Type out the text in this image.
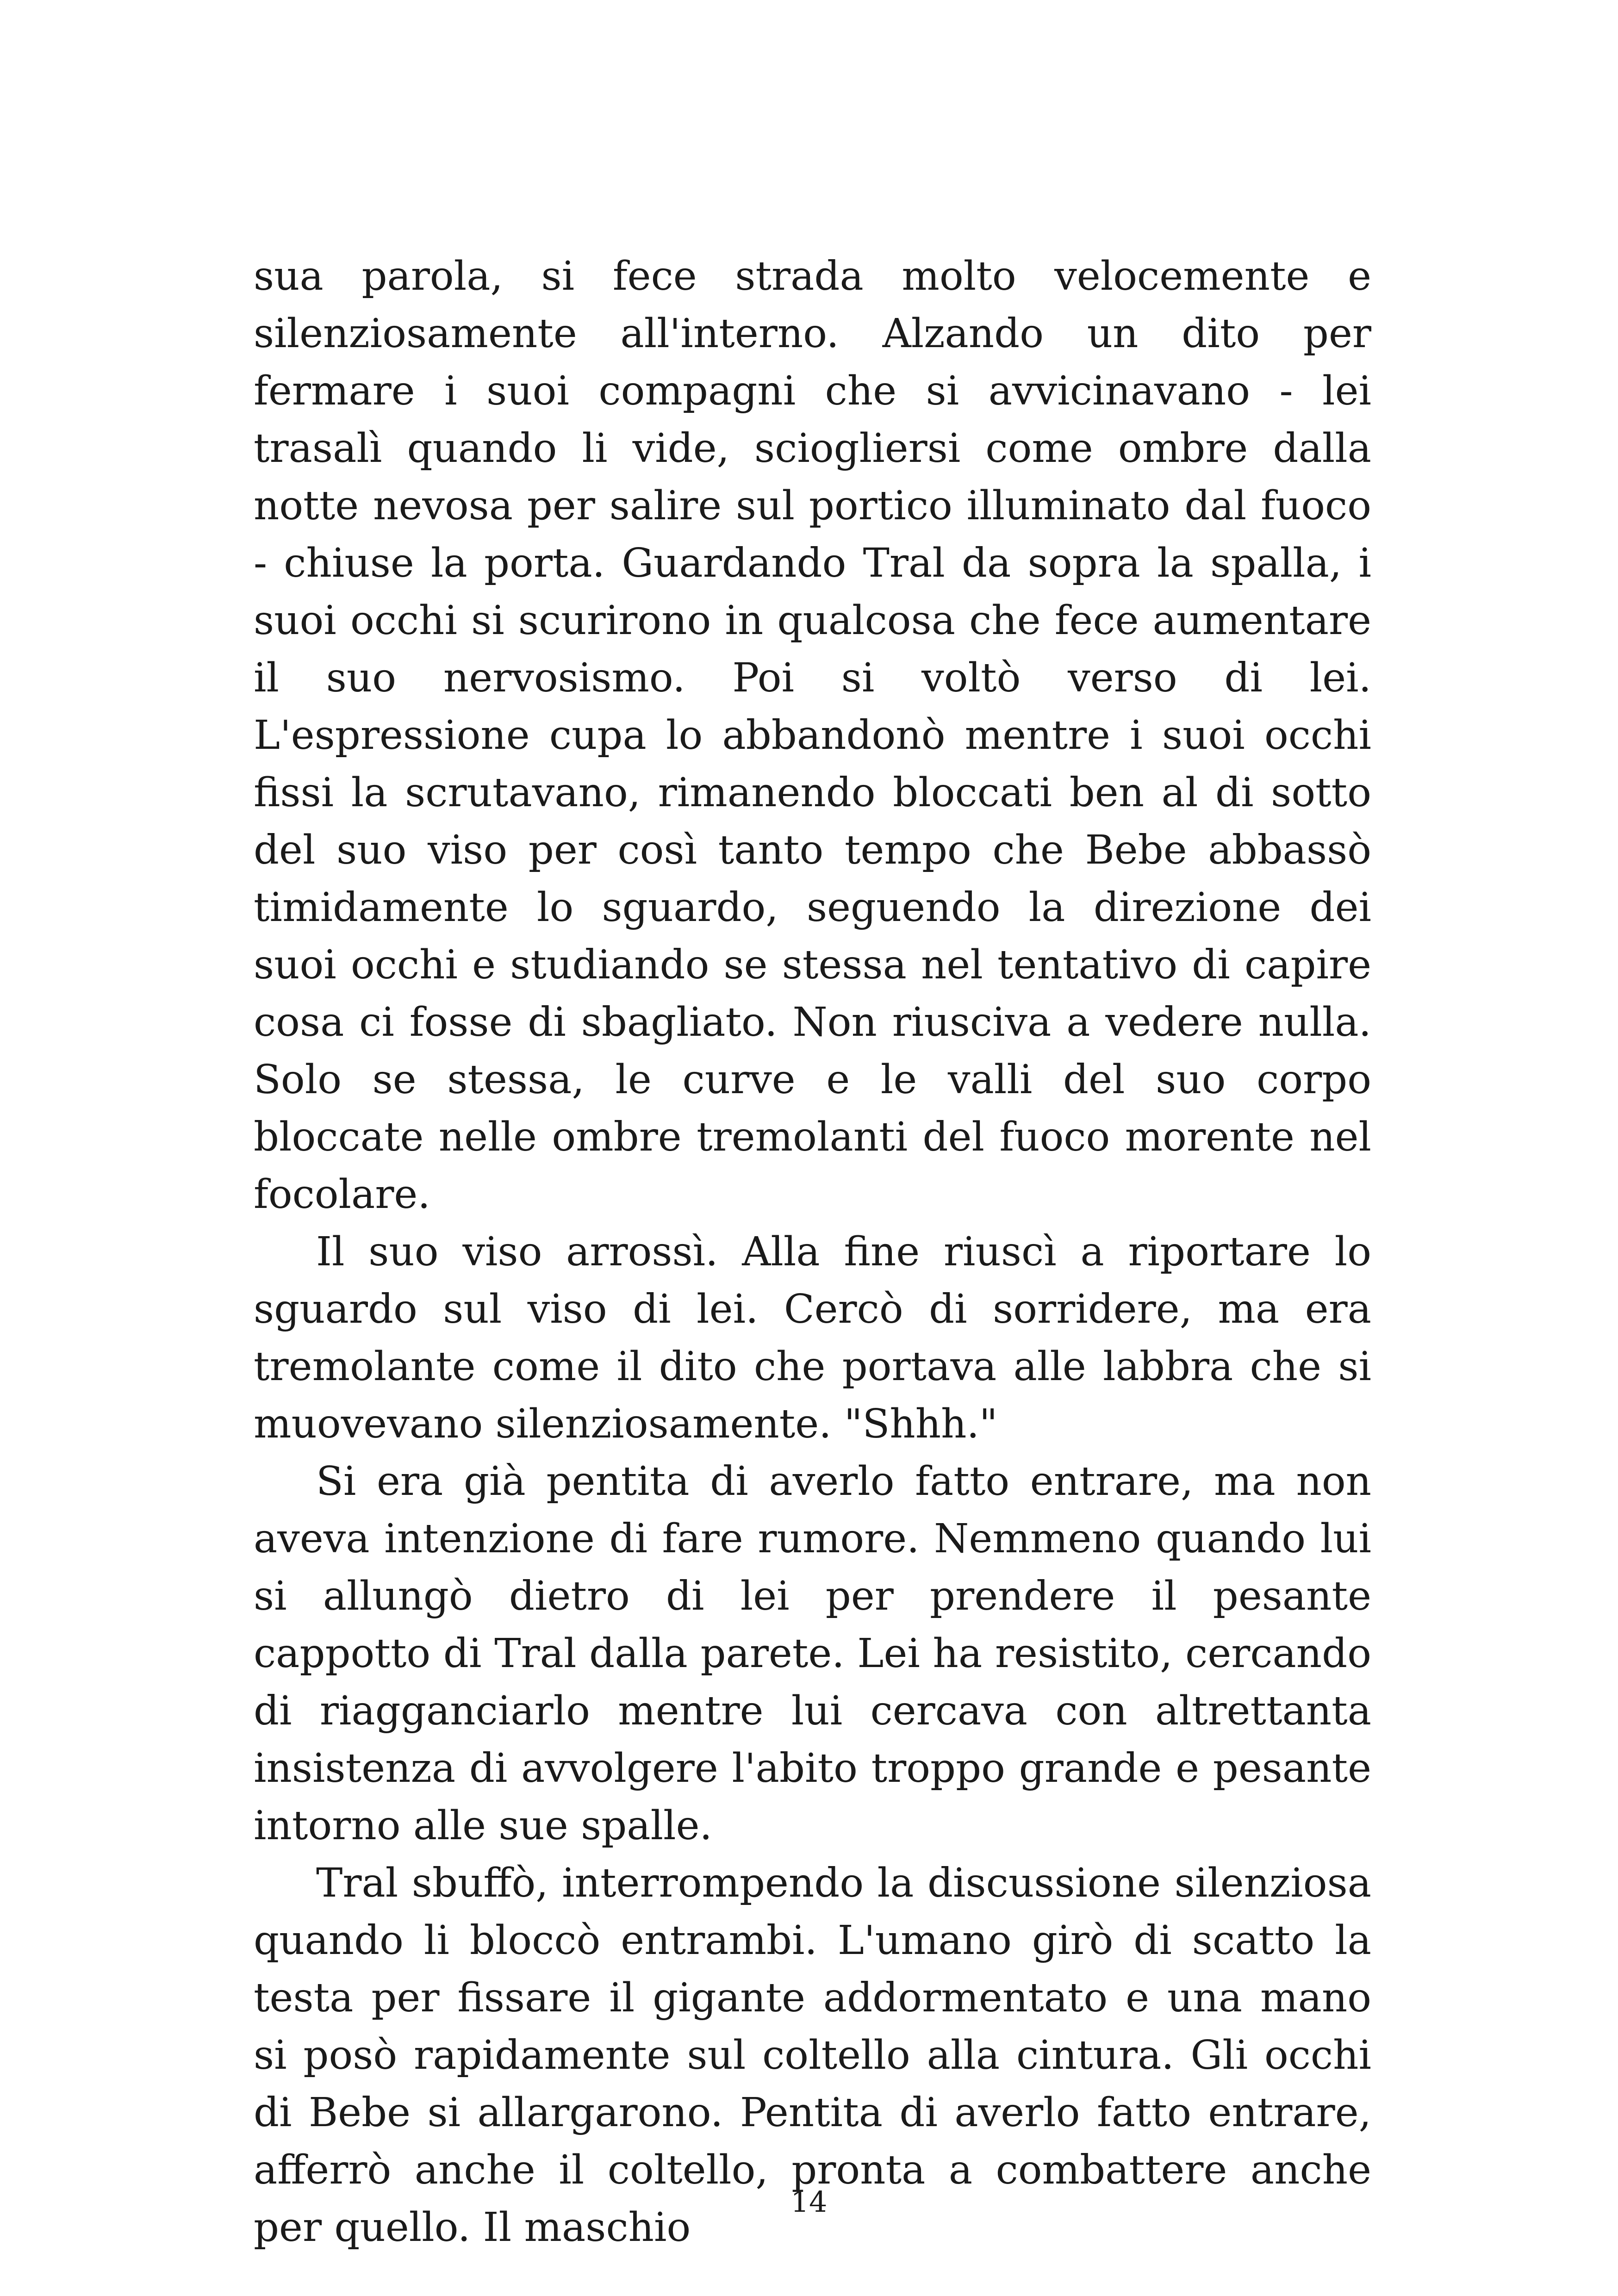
sua parola, si fece strada molto velocemente e silenziosamente all'interno. Alzando un dito per fermare i suoi compagni che si avvicinavano - lei trasalì quando li vide, sciogliersi come ombre dalla notte nevosa per salire sul portico illuminato dal fuoco - chiuse la porta. Guardando Tral da sopra la spalla, i suoi occhi si scurirono in qualcosa che fece aumentare il suo nervosismo. Poi si voltò verso di lei. L'espressione cupa lo abbandonò mentre i suoi occhi fissi la scrutavano, rimanendo bloccati ben al di sotto del suo viso per così tanto tempo che Bebe abbassò timidamente lo sguardo, seguendo la direzione dei suoi occhi e studiando se stessa nel tentativo di capire cosa ci fosse di sbagliato. Non riusciva a vedere nulla. Solo se stessa, le curve e le valli del suo corpo bloccate nelle ombre tremolanti del fuoco morente nel focolare.

Il suo viso arrossì. Alla fine riuscì a riportare lo sguardo sul viso di lei. Cercò di sorridere, ma era tremolante come il dito che portava alle labbra che si muovevano silenziosamente. "Shhh."

Si era già pentita di averlo fatto entrare, ma non aveva intenzione di fare rumore. Nemmeno quando lui si allungò dietro di lei per prendere il pesante cappotto di Tral dalla parete. Lei ha resistito, cercando di riagganciarlo mentre lui cercava con altrettanta insistenza di avvolgere l'abito troppo grande e pesante intorno alle sue spalle.

Tral sbuffò, interrompendo la discussione silenziosa quando li bloccò entrambi. L'umano girò di scatto la testa per fissare il gigante addormentato e una mano si posò rapidamente sul coltello alla cintura. Gli occhi di Bebe si allargarono. Pentita di averlo fatto entrare, afferrò anche il coltello, pronta a combattere anche per quello. Il maschio

14
